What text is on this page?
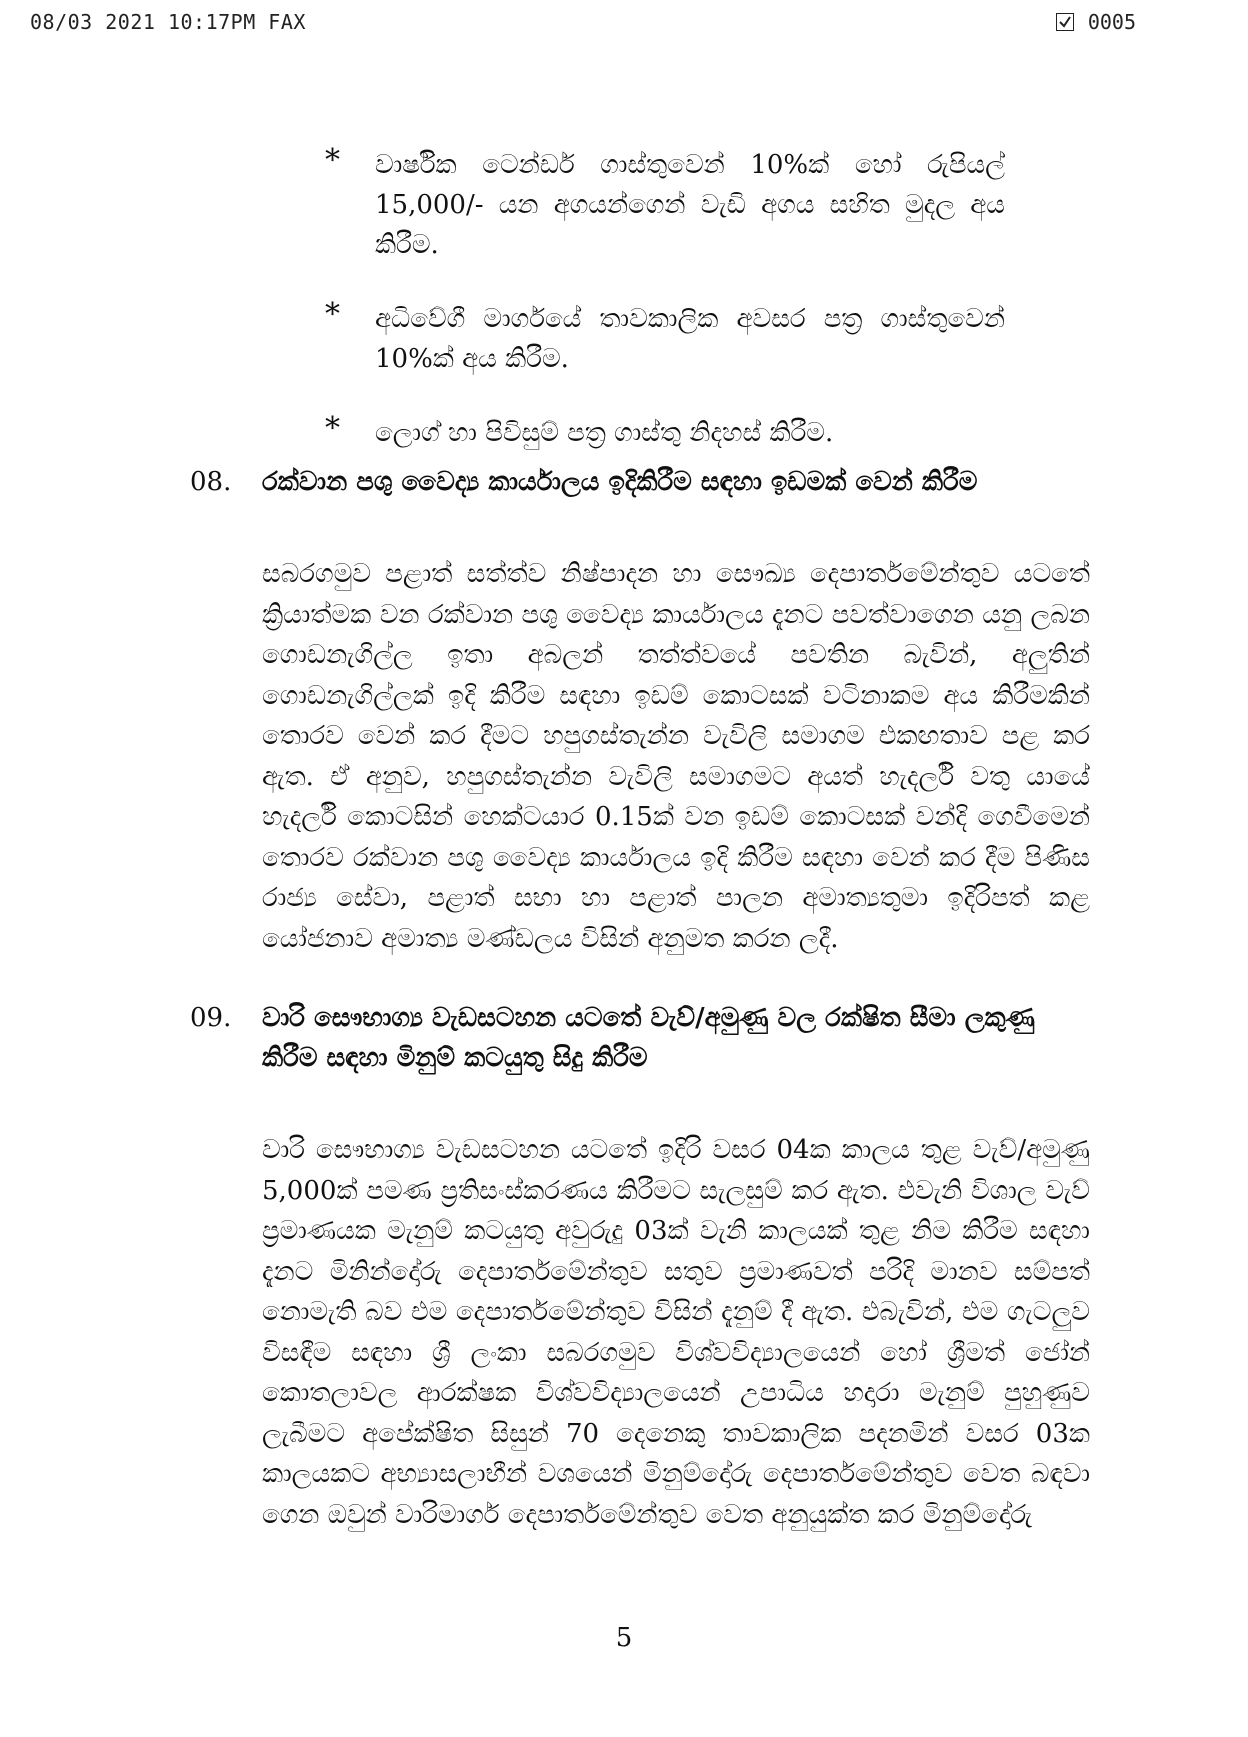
08/03 2021 10:17PM FAX	0005
*	වාර්ෂික ටෙන්ඩර් ගාස්තුවෙන් 10%ක් හෝ රුපියල් 15,000/- යන අගයන්ගෙන් වැඩි අගය සහිත මුදල අය කිරීම.
*	අධිවේගී මාර්ගයේ තාවකාලික අවසර පත්‍ර ගාස්තුවෙන් 10%ක් අය කිරීම.
*	ලොග් හා පිවිසුම් පත්‍ර ගාස්තු නිදහස් කිරීම.
08.	රක්වාන පශු වෛද්‍ය කාර්යාලය ඉදිකිරීම සඳහා ඉඩමක් වෙන් කිරීම
සබරගමුව පළාත් සත්ත්ව නිෂ්පාදන හා සෞඛ්‍ය දෙපාර්තමේන්තුව යටතේ ක්‍රියාත්මක වන රක්වාන පශු වෛද්‍ය කාර්යාලය දැනට පවත්වාගෙන යනු ලබන ගොඩනැගිල්ල ඉතා අබලන් තත්ත්වයේ පවතින බැවින්, අලුතින් ගොඩනැගිල්ලක් ඉදි කිරීම සඳහා ඉඩම් කොටසක් වටිනාකම අය කිරීමකින් තොරව වෙන් කර දීමට හපුගස්තැන්න වැවිලි සමාගම එකඟතාව පළ කර ඇත. ඒ අනුව, හපුගස්තැන්න වැවිලි සමාගමට අයත් හැදර්ලි වතු යායේ හැදර්ලි කොටසින් හෙක්ටයාර 0.15ක් වන ඉඩම් කොටසක් වන්දි ගෙවීමෙන් තොරව රක්වාන පශු වෛද්‍ය කාර්යාලය ඉදි කිරීම සඳහා වෙන් කර දීම පිණිස රාජ්‍ය සේවා, පළාත් සභා හා පළාත් පාලන අමාත්‍යතුමා ඉදිරිපත් කළ යෝජනාව අමාත්‍ය මණ්ඩලය විසින් අනුමත කරන ලදී.
09.	වාරි සෞභාග්‍ය වැඩසටහන යටතේ වැව්/අමුණු වල රක්ෂිත සීමා ලකුණු කිරීම සඳහා මිනුම් කටයුතු සිදු කිරීම
වාරි සෞභාග්‍ය වැඩසටහන යටතේ ඉදිරි වසර 04ක කාලය තුළ වැව්/අමුණු 5,000ක් පමණ ප්‍රතිසංස්කරණය කිරීමට සැලසුම් කර ඇත. එවැනි විශාල වැව් ප්‍රමාණයක මැනුම් කටයුතු අවුරුදු 03ක් වැනි කාලයක් තුළ නිම කිරීම සඳහා දැනට මිනින්දෝරු දෙපාර්තමේන්තුව සතුව ප්‍රමාණවත් පරිදි මානව සම්පත් නොමැති බව එම දෙපාර්තමේන්තුව විසින් දැනුම් දී ඇත. එබැවින්, එම ගැටලුව විසඳීම සඳහා ශ්‍රී ලංකා සබරගමුව විශ්වවිද්‍යාලයෙන් හෝ ශ්‍රීමත් ජෝන් කොතලාවල ආරක්ෂක විශ්වවිද්‍යාලයෙන් උපාධිය හදාරා මැනුම් පුහුණුව ලැබීමට අපේක්ෂිත සිසුන් 70 දෙනෙකු තාවකාලික පදනමින් වසර 03ක කාලයකට අභ්‍යාසලාභීන් වශයෙන් මිනුම්දෝරු දෙපාර්තමේන්තුව වෙත බඳවා ගෙන ඔවුන් වාරිමාර්ග දෙපාර්තමේන්තුව වෙත අනුයුක්ත කර මිනුම්දෝරු
5
